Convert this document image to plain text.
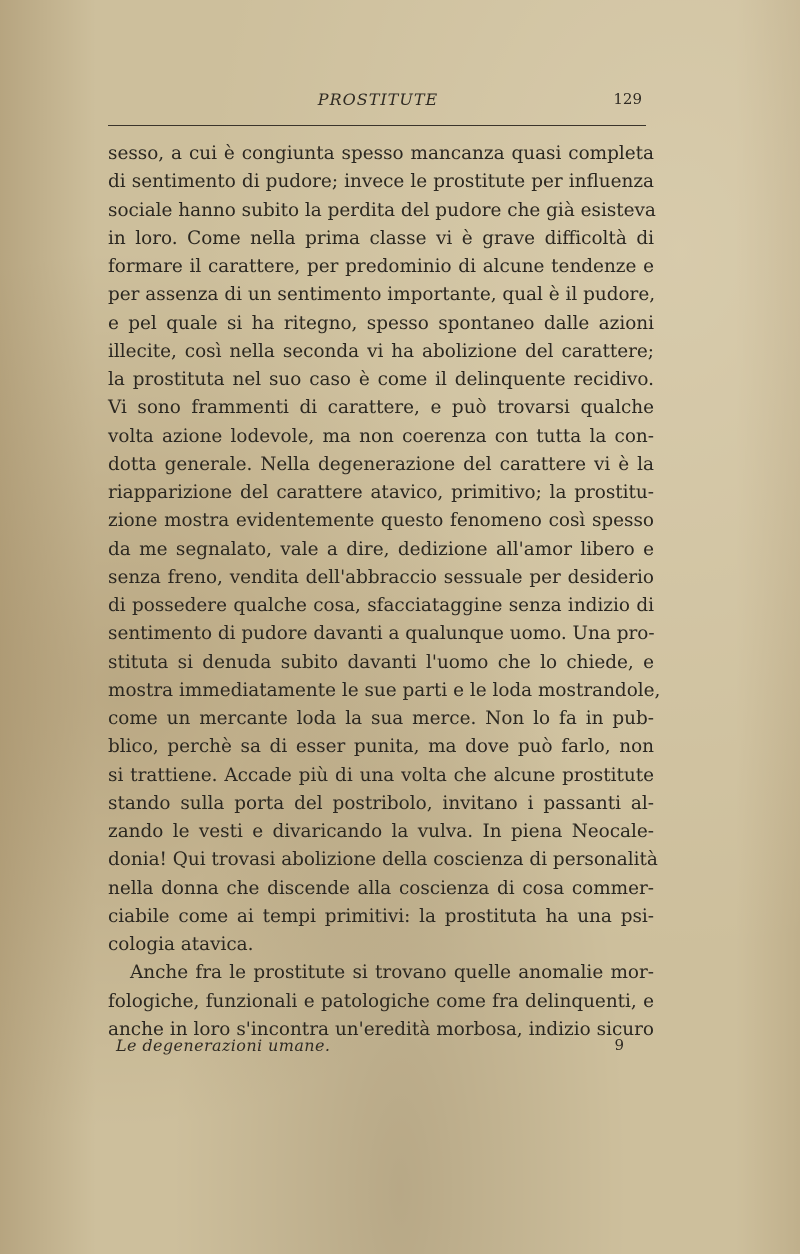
PROSTITUTE	129
sesso, a cui è congiunta spesso mancanza quasi completa
di sentimento di pudore; invece le prostitute per influenza
sociale hanno subito la perdita del pudore che già esisteva
in loro. Come nella prima classe vi è grave difficoltà di
formare il carattere, per predominio di alcune tendenze e
per assenza di un sentimento importante, qual è il pudore,
e pel quale si ha ritegno, spesso spontaneo dalle azioni
illecite, così nella seconda vi ha abolizione del carattere;
la prostituta nel suo caso è come il delinquente recidivo.
Vi sono frammenti di carattere, e può trovarsi qualche
volta azione lodevole, ma non coerenza con tutta la con-
dotta generale. Nella degenerazione del carattere vi è la
riapparizione del carattere atavico, primitivo; la prostitu-
zione mostra evidentemente questo fenomeno così spesso
da me segnalato, vale a dire, dedizione all'amor libero e
senza freno, vendita dell'abbraccio sessuale per desiderio
di possedere qualche cosa, sfacciataggine senza indizio di
sentimento di pudore davanti a qualunque uomo. Una pro-
stituta si denuda subito davanti l'uomo che lo chiede, e
mostra immediatamente le sue parti e le loda mostrandole,
come un mercante loda la sua merce. Non lo fa in pub-
blico, perchè sa di esser punita, ma dove può farlo, non
si trattiene. Accade più di una volta che alcune prostitute
stando sulla porta del postribolo, invitano i passanti al-
zando le vesti e divaricando la vulva. In piena Neocale-
donia! Qui trovasi abolizione della coscienza di personalità
nella donna che discende alla coscienza di cosa commer-
ciabile come ai tempi primitivi: la prostituta ha una psi-
cologia atavica.
Anche fra le prostitute si trovano quelle anomalie mor-
fologiche, funzionali e patologiche come fra delinquenti, e
anche in loro s'incontra un'eredità morbosa, indizio sicuro
Le degenerazioni umane.	9
